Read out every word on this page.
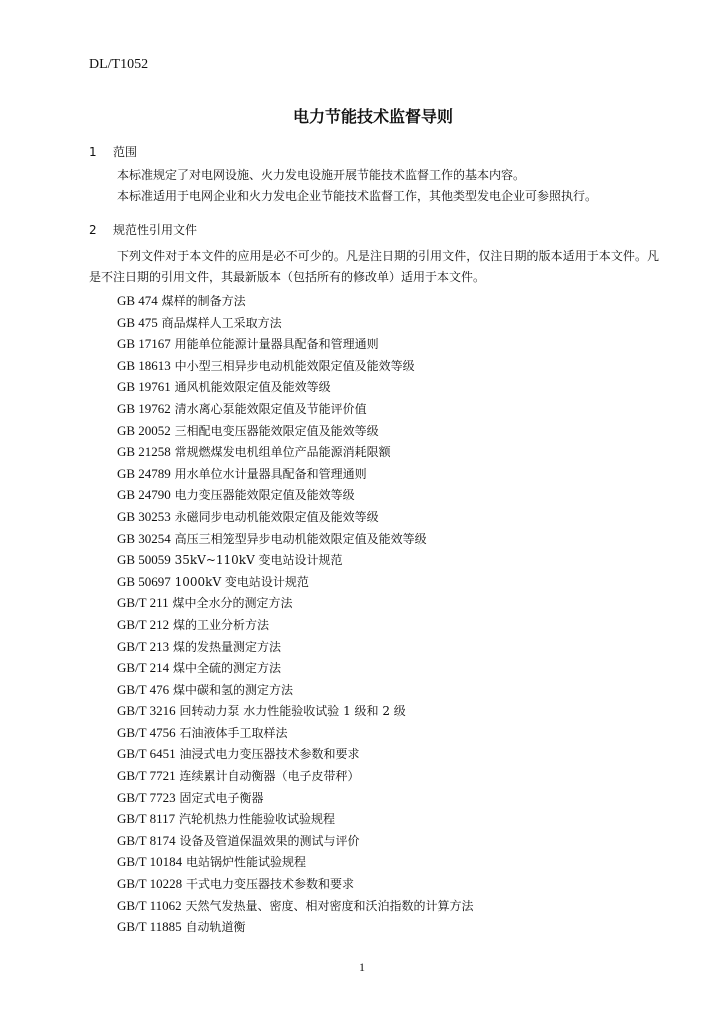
DL/T1052
电力节能技术监督导则
1 范围
本标准规定了对电网设施、火力发电设施开展节能技术监督工作的基本内容。
本标准适用于电网企业和火力发电企业节能技术监督工作，其他类型发电企业可参照执行。
2 规范性引用文件
下列文件对于本文件的应用是必不可少的。凡是注日期的引用文件，仅注日期的版本适用于本文件。凡是不注日期的引用文件，其最新版本（包括所有的修改单）适用于本文件。
GB 474 煤样的制备方法
GB 475 商品煤样人工采取方法
GB 17167 用能单位能源计量器具配备和管理通则
GB 18613 中小型三相异步电动机能效限定值及能效等级
GB 19761 通风机能效限定值及能效等级
GB 19762 清水离心泵能效限定值及节能评价值
GB 20052 三相配电变压器能效限定值及能效等级
GB 21258 常规燃煤发电机组单位产品能源消耗限额
GB 24789 用水单位水计量器具配备和管理通则
GB 24790 电力变压器能效限定值及能效等级
GB 30253 永磁同步电动机能效限定值及能效等级
GB 30254 高压三相笼型异步电动机能效限定值及能效等级
GB 50059 35kV~110kV 变电站设计规范
GB 50697 1000kV 变电站设计规范
GB/T 211 煤中全水分的测定方法
GB/T 212 煤的工业分析方法
GB/T 213 煤的发热量测定方法
GB/T 214 煤中全硫的测定方法
GB/T 476 煤中碳和氢的测定方法
GB/T 3216 回转动力泵 水力性能验收试验 1 级和 2 级
GB/T 4756 石油液体手工取样法
GB/T 6451 油浸式电力变压器技术参数和要求
GB/T 7721 连续累计自动衡器（电子皮带秤）
GB/T 7723 固定式电子衡器
GB/T 8117 汽轮机热力性能验收试验规程
GB/T 8174 设备及管道保温效果的测试与评价
GB/T 10184 电站锅炉性能试验规程
GB/T 10228 干式电力变压器技术参数和要求
GB/T 11062 天然气发热量、密度、相对密度和沃泊指数的计算方法
GB/T 11885 自动轨道衡
1
